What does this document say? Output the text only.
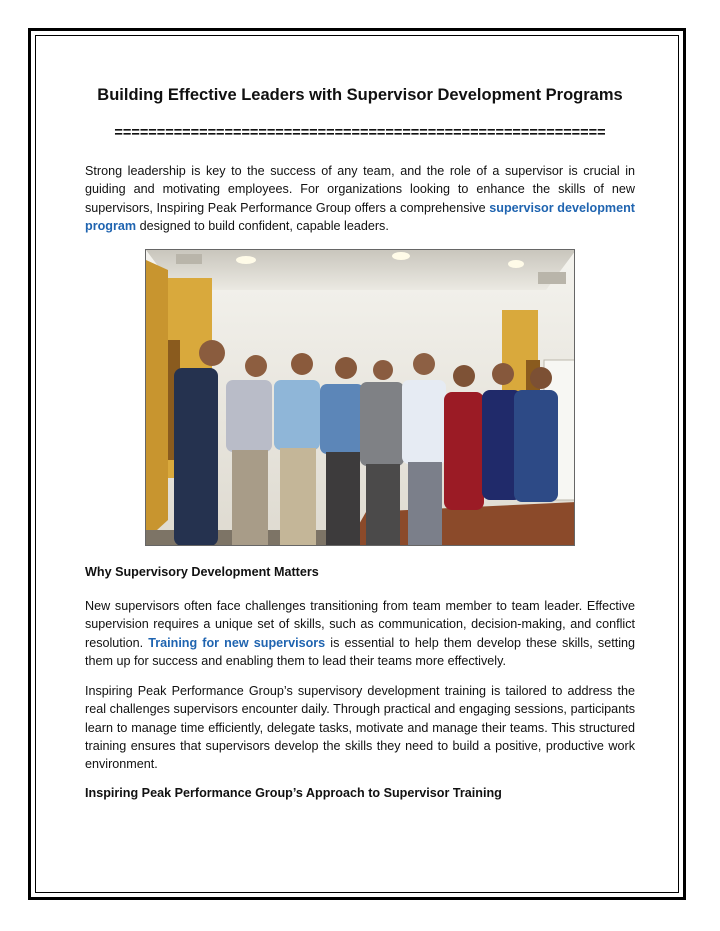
Building Effective Leaders with Supervisor Development Programs
==========================================================

Strong leadership is key to the success of any team, and the role of a supervisor is crucial in guiding and motivating employees. For organizations looking to enhance the skills of new supervisors, Inspiring Peak Performance Group offers a comprehensive supervisor development program designed to build confident, capable leaders.

Why Supervisory Development Matters

New supervisors often face challenges transitioning from team member to team leader. Effective supervision requires a unique set of skills, such as communication, decision-making, and conflict resolution. Training for new supervisors is essential to help them develop these skills, setting them up for success and enabling them to lead their teams more effectively.

Inspiring Peak Performance Group’s supervisory development training is tailored to address the real challenges supervisors encounter daily. Through practical and engaging sessions, participants learn to manage time efficiently, delegate tasks, motivate and manage their teams. This structured training ensures that supervisors develop the skills they need to build a positive, productive work environment.

Inspiring Peak Performance Group’s Approach to Supervisor Training
